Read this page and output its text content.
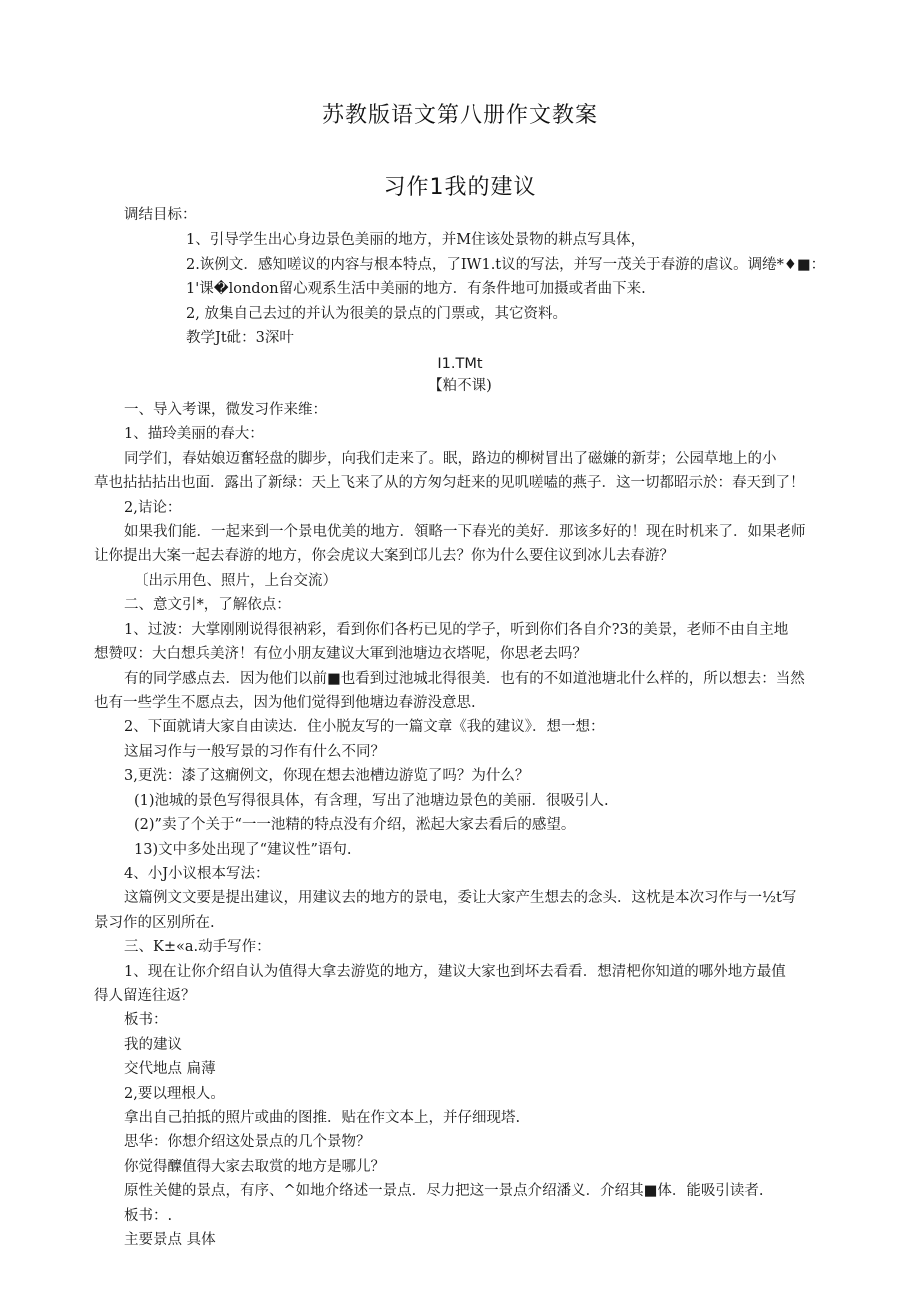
苏教版语文第八册作文教案
习作1我的建议
调结目标：
1、引导学生出心身边景色美丽的地方，并M住该处景物的耕点写具体，
2.诙例文．感知嗟议的内容与根本特点，了IW1.t议的写法，并写一茂关于春游的虐议。调绻*♦■：
1'课�london留心观系生活中美丽的地方．有条件地可加摄或者曲下来.
2, 放集自己去过的并认为很美的景点的门票或，其它资料。
教学Jt砒：3深叶
I1.TMt
【粕不课)
一、导入考课，微发习作来维：
1、描玲美丽的春大：
同学们，春姑娘迈奮轻盘的脚步，向我们走来了。眠，路边的柳树冒出了磁嫌的新芽；公园草地上的小
草也拈拈拈出也面．露出了新绿：天上飞来了从的方匆匀赶来的见叽嗟嗑的燕子．这一切都昭示於：春天到了！
2,诘论：
如果我们能．一起来到一个景电优美的地方．領略一下春光的美好．那该多好的！现在时机来了．如果老师
让你提出大案一起去春游的地方，你会虎议大案到邙儿去？你为什么要住议到冰儿去春游？
〔出示用色、照片，上台交流）
二、意文引*，了解依点：
1、过波：大掌刚刚说得很衲彩，看到你们各朽已见的学子，听到你们各自介?3的美景，老师不由自主地
想赞叹：大白想兵美济！有位小朋友建议大軍到池塘边衣塔呢，你思老去吗？
有的同学感点去．因为他们以前■也看到过池城北得很美．也有的不如道池塘北什么样的，所以想去：当然
也有一些学生不愿点去，因为他们觉得到他塘边春游没意思.
2、下面就请大家自由读达．住小脱友写的一篇文章《我的建议》．想一想：
这届习作与一般写景的习作有什么不同？
3,更洗：漆了这癇例文，你现在想去池槽边游览了吗？为什么？
(1)池城的景色写得很具体，有含理，写出了池塘边景色的美丽．很吸引人.
(2)”卖了个关于“一一池精的特点没有介绍，淞起大家去看后的感望。
13)文中多处出现了“建议性”语句.
4、小J小议根本写法：
这篇例文文要是提出建议，用建议去的地方的景电，委让大家产生想去的念头．这枕是本次习作与一½t写
景习作的区别所在.
三、K±«a.动手写作：
1、现在让你介绍自认为值得大拿去游览的地方，建议大家也到坏去看看．想清杷你知道的哪外地方最值
得人留连往返？
板书：
我的建议
交代地点 扁薄
2,要以理根人。
拿出自己拍抵的照片或曲的图推．贴在作文本上，并仔细现塔.
思华：你想介绍这处景点的几个景物？
你觉得醾值得大家去取赏的地方是哪儿？
原性关健的景点，有序、^如地介络述一景点．尽力把这一景点介绍潘义．介绍其■体．能吸引读者.
板书：.
主要景点 具体
